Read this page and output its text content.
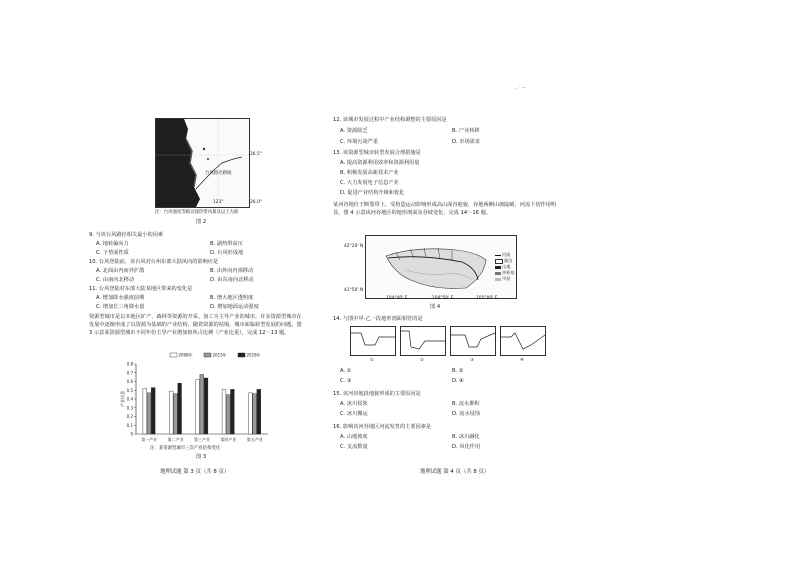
… ‘ ~
26.5°
26.0°
123°
台风路径路线
注：台风强度等级以强热带风暴及以上为准
图 2
9. 与该台风路径相关最小的因素
A. 地转偏向力	B. 副热带高压
C. 下垫面性质	D. 台风形成地
10. 台风登陆前，该台风对台州东部大陆风向的影响应是
A. 北面由内而外扩散	B. 由外向内部移动
C. 由南向北移动	D. 由东南向北移动
11. 台风登陆对东部大陆某地区带来的变化是
A. 增加降水强度前期	B. 增大地区透明度
C. 增加长三角降水量	D. 增加地面运动强度
资源型城市是以本地区矿产、森林等资源的开采、加工为主导产业的城市。许多资源型城市在发展中逐渐形成了以资源为基础的产业结构，随着资源的枯竭，城市面临转型发展的问题。图 3 示意某资源型城市不同年份主导产业增加值所占比例（产业比重），完成 12～13 题。
0
0.1
0.2
0.3
0.4
0.5
0.6
0.7
0.8
产业比重
第一产业	第二产业	第三产业	第四产业	第五产业
2008年	2013年	2018年
注：某资源型城市三次产业结构变化
图 3
地理试题 第 3 页（共 8 页）
12. 该城市发展过程中产业结构调整的主要原因是
A. 资源匮乏	B. 产业转移
C. 环境污染严重	D. 市场需求
13. 该资源型城市转型发展合理措施是
A. 提高资源利用效率和资源利用量
B. 积极发展高新技术产业
C. 大力发展电子信息产业
D. 促进产业结构升级和优化
某河谷地位于断裂带上，受构造运动影响形成高山深谷地貌，谷地两侧山坡陡峭，河流下切作用明显。图 4 示意该河谷地区的地形剖面及谷坡变化，完成 14～16 题。
42°20' N
41°50' N
104°40' E	104°50' E	105°00' E
河流
湖泊
山地
冲积扇
平原
图 4
14. 与图中甲-乙一段地形剖面相符的是
①	②	③	④
A. ①	B. ②
C. ③	D. ④
15. 该河谷地段地貌形成的主要原因是
A. 冰川侵蚀	B. 流水堆积
C. 冰川搬运	D. 流水侵蚀
16. 影响该河谷地区河流发育的主要因素是
A. 山地坡度	B. 冰川融化
C. 支流数量	D. 风化作用
地理试题 第 4 页（共 8 页）
